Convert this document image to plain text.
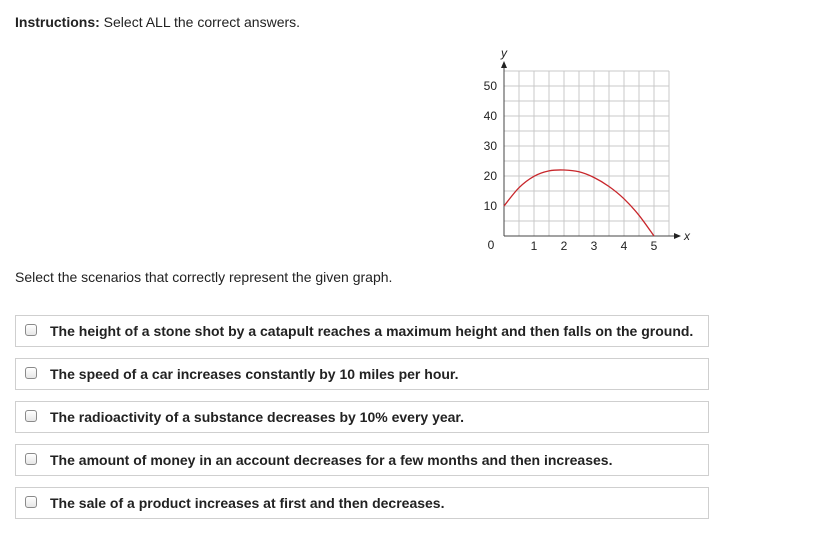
Instructions: Select ALL the correct answers.
y
x
0
10
20
30
40
50
1 2 3 4 5
Select the scenarios that correctly represent the given graph.
The height of a stone shot by a catapult reaches a maximum height and then falls on the ground.
The speed of a car increases constantly by 10 miles per hour.
The radioactivity of a substance decreases by 10% every year.
The amount of money in an account decreases for a few months and then increases.
The sale of a product increases at first and then decreases.
